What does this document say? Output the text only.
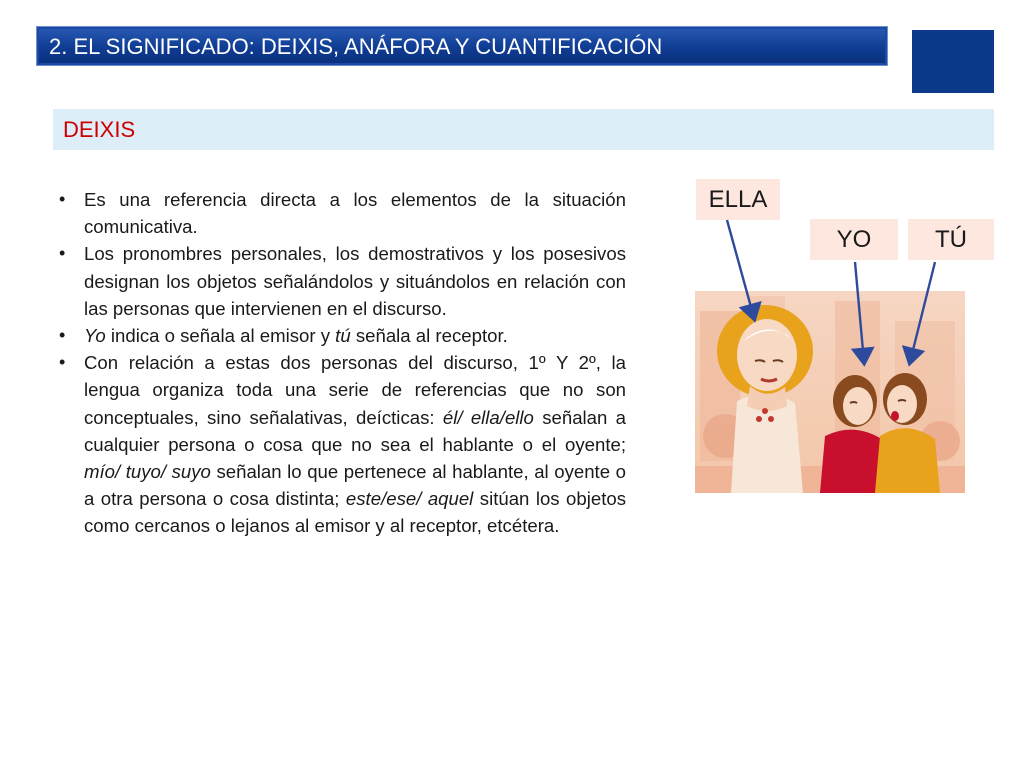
2. EL SIGNIFICADO: DEIXIS, ANÁFORA Y CUANTIFICACIÓN
DEIXIS
• Es una referencia directa a los elementos de la situación comunicativa.
• Los pronombres personales, los demostrativos y los posesivos designan los objetos señalándolos y situándolos en relación con las personas que intervienen en el discurso.
• Yo indica o señala al emisor y tú señala al receptor.
• Con relación a estas dos personas del discurso, 1º Y 2º, la lengua organiza toda una serie de referencias que no son conceptuales, sino señalativas, deícticas: él/ ella/ello señalan a cualquier persona o cosa que no sea el hablante o el oyente; mío/ tuyo/ suyo señalan lo que pertenece al hablante, al oyente o a otra persona o cosa distinta; este/ese/ aquel sitúan los objetos como cercanos o lejanos al emisor y al receptor, etcétera.
ELLA
YO	TÚ
